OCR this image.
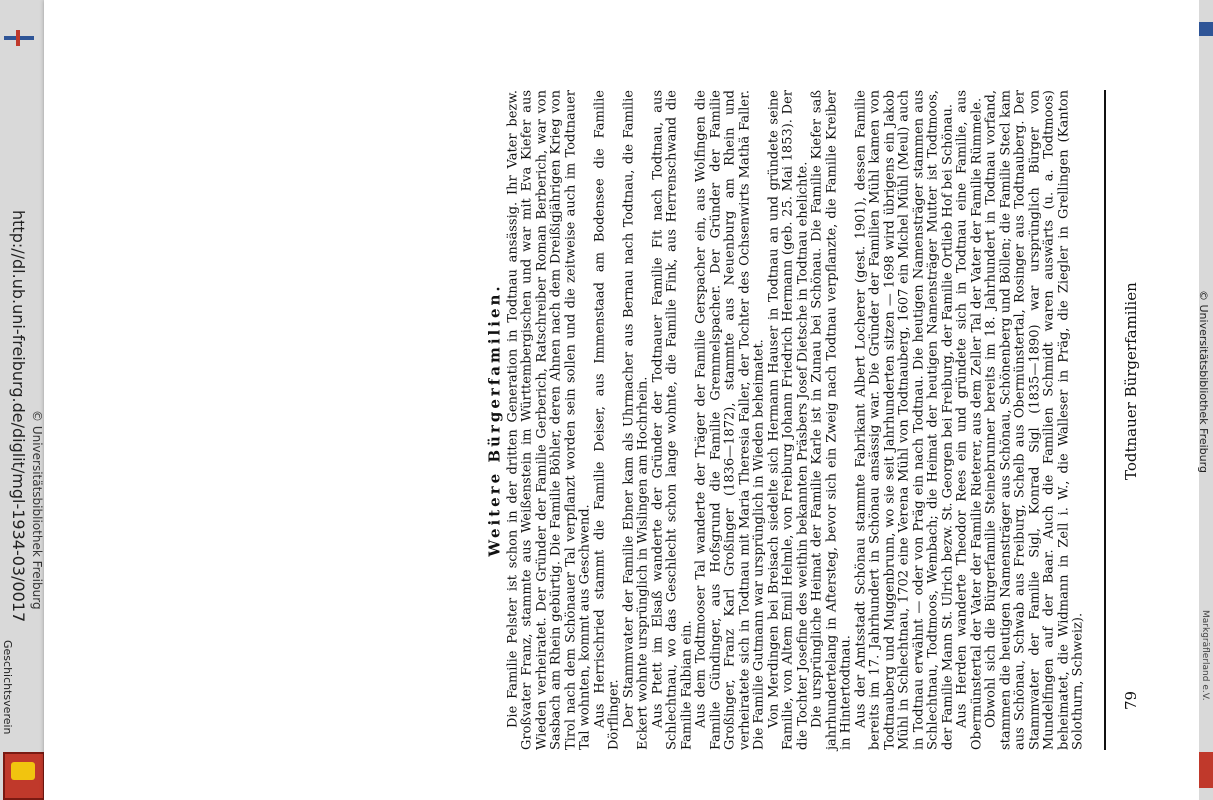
http://dl.ub.uni-freiburg.de/diglit/mgl-1934-03/0017 © Universitätsbibliothek Freiburg
Geschichtsverein
Todtnauer Bürgerfamilien
79

Weitere Bürgerfamilien. Die Familie Pelster ist schon in der dritten Generation in Todtnau ansässig. Ihr Vater bezw. Großvater Franz, stammte aus Weißenstein im Württembergischen und war mit Eva Kiefer aus Wieden verheiratet. Der Gründer der Familie Gerberich, Ratschreiber Roman Berberich, war von Sasbach am Rhein gebürtig. Die Familie Böhler, deren Ahnen nach dem Dreißigjährigen Krieg von Tirol nach dem Schönauer Tal verpflanzt worden sein sollen und die zeitweise auch im Todtnauer Tal wohnten, kommt aus Geschwend. Aus Herrischried stammt die Familie Deiser, aus Immenstaad am Bodensee die Familie Dörflinger. Der Stammvater der Familie Ebner kam als Uhrmacher aus Bernau nach Todtnau, die Familie Eckert wohnte ursprünglich in Wislingen am Hochrhein. Aus Ptett im Elsaß wanderte der Gründer der Todtnauer Familie Fit nach Todtnau, aus Schlechtnau, wo das Geschlecht schon lange wohnte, die Familie Fink, aus Herrenschwand die Familie Falbian ein. Aus dem Todtmooser Tal wanderte der Träger der Familie Gerspacher ein, aus Wolfingen die Familie Gündinger, aus Hofsgrund die Familie Gremmelspacher. Der Gründer der Familie Großinger, Franz Karl Großinger (1836—1872), stammte aus Neuenburg am Rhein und verheiratete sich in Todtnau mit Maria Theresia Faller, der Tochter des Ochsenwirts Mathä Faller. Die Familie Gutmann war ursprünglich in Wieden beheimatet. Von Merdingen bei Breisach siedelte sich Hermann Hauser in Todtnau an und gründete seine Familie, von Altem Emil Helmle, von Freiburg Johann Friedrich Hermann (geb. 25. Mai 1853). Der die Tochter Josefine des weithin bekannten Präsbers Josef Dietsche in Todtnau ehelichte. Die ursprüngliche Heimat der Familie Karle ist in Zunau bei Schönau. Die Familie Kiefer saß jahrhundertelang in Aftersteg, bevor sich ein Zweig nach Todtnau verpflanzte, die Familie Kreiber in Hintertodtnau. Aus der Amtsstadt Schönau stammte Fabrikant Albert Locherer (gest. 1901), dessen Familie bereits im 17. Jahrhundert in Schönau ansässig war. Die Gründer der Familien Mühl kamen von Todtnauberg und Muggenbrunn, wo sie seit Jahrhunderten sitzen — 1698 wird übrigens ein Jakob Mühl in Schlechtnau, 1702 eine Verena Mühl von Todtnauberg, 1607 ein Michel Mühl (Meul) auch in Todtnau erwähnt — oder von Präg ein nach Todtnau. Die heutigen Namensträger stammen aus Schlechtnau, Todtmoos, Wembach; die Heimat der heutigen Namensträger Mutter ist Todtmoos, der Familie Mann St. Ulrich bezw. St. Georgen bei Freiburg, der Familie Ortlieb Hof bei Schönau. Aus Herden wanderte Theodor Rees ein und gründete sich in Todtnau eine Familie, aus Obermünstertal der Vater der Familie Rieterer, aus dem Zeller Tal der Vater der Familie Rümmele. Obwohl sich die Bürgerfamilie Steinebrunner bereits im 18. Jahrhundert in Todtnau vorfand, stammen die heutigen Namensträger aus Schönau, Schönenberg und Böllen; die Familie Stecl kam aus Schönau, Schwab aus Freiburg, Schelb aus Obermünstertal, Rosinger aus Todtnauberg. Der Stammvater der Familie Sigl, Konrad Sigl (1835—1890) war ursprünglich Bürger von Mundelfingen auf der Baar. Auch die Familien Schmidt waren auswärts (u. a. Todtmoos) beheimatet, die Widmann in Zell i. W., die Walleser in Präg, die Ziegler in Grellingen (Kanton Solothurn, Schweiz).

© Universitätsbibliothek Freiburg
Markgräflerland e.V.
